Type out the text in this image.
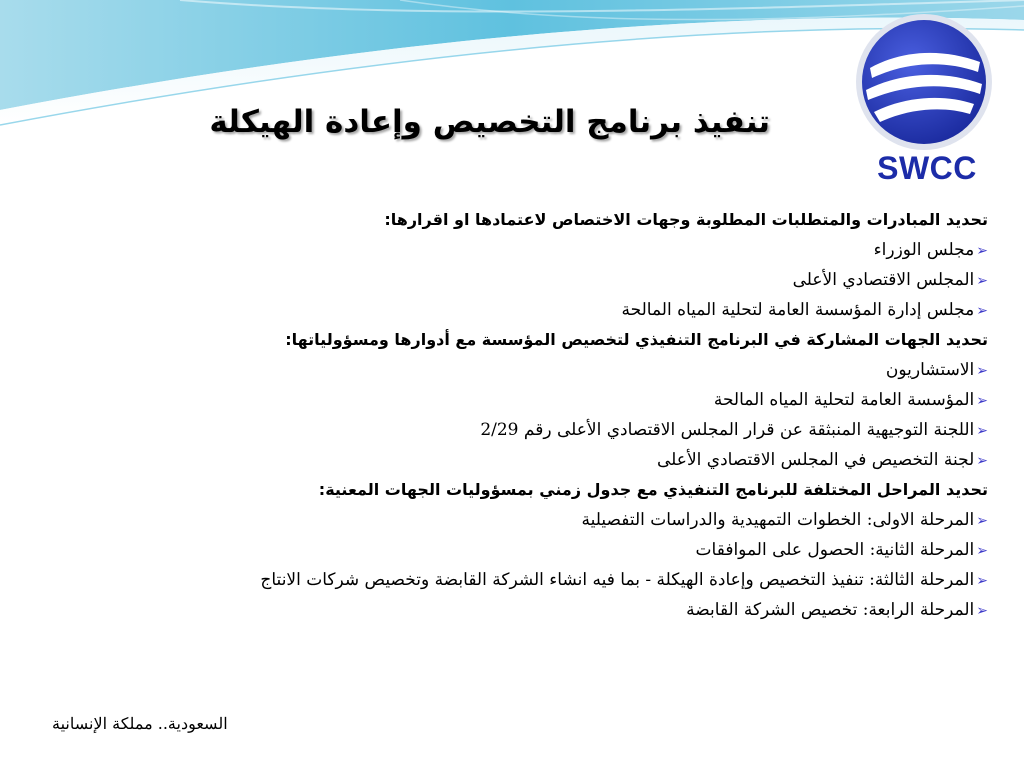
SWCC
تنفيذ برنامج التخصيص وإعادة الهيكلة
تحديد المبادرات والمتطلبات المطلوبة وجهات الاختصاص لاعتمادها او اقرارها:
➢مجلس الوزراء
➢المجلس الاقتصادي الأعلى
➢مجلس إدارة المؤسسة العامة لتحلية المياه المالحة
تحديد الجهات المشاركة في البرنامج التنفيذي لتخصيص المؤسسة مع أدوارها ومسؤولياتها:
➢الاستشاريون
➢المؤسسة العامة لتحلية المياه المالحة
➢اللجنة التوجيهية المنبثقة عن قرار المجلس الاقتصادي الأعلى رقم 2/29
➢لجنة التخصيص في المجلس الاقتصادي الأعلى
تحديد المراحل المختلفة للبرنامج التنفيذي مع جدول زمني بمسؤوليات الجهات المعنية:
➢المرحلة الاولى: الخطوات التمهيدية والدراسات التفصيلية
➢المرحلة الثانية: الحصول على الموافقات
➢المرحلة الثالثة: تنفيذ التخصيص وإعادة الهيكلة - بما فيه انشاء الشركة القابضة وتخصيص شركات الانتاج
➢المرحلة الرابعة: تخصيص الشركة القابضة
السعودية.. مملكة الإنسانية
